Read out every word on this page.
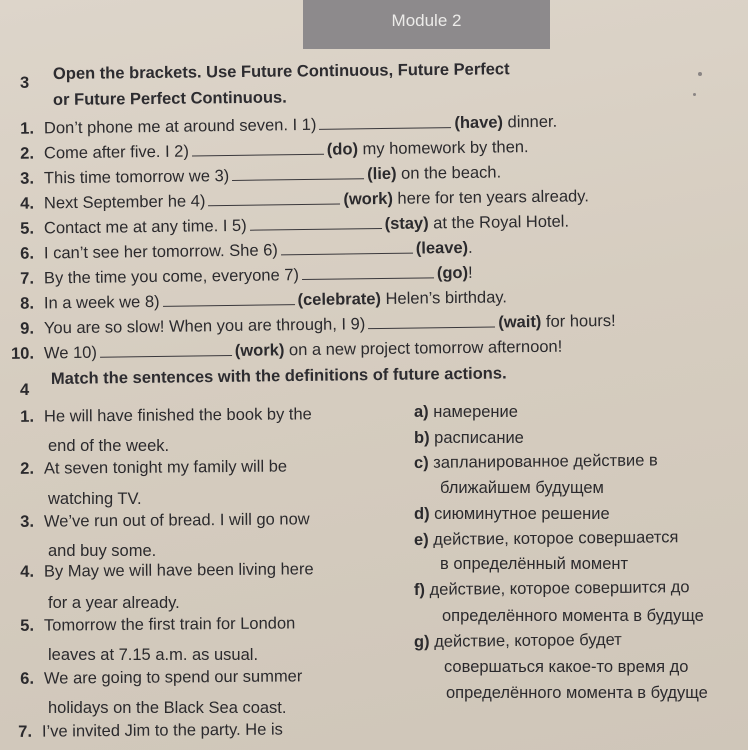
Module 2
3
Open the brackets. Use Future Continuous, Future Perfect
or Future Perfect Continuous.
1. Don’t phone me at around seven. I 1)	(have) dinner.
2. Come after five. I 2)	(do) my homework by then.
3. This time tomorrow we 3)	(lie) on the beach.
4. Next September he 4)	(work) here for ten years already.
5. Contact me at any time. I 5)	(stay) at the Royal Hotel.
6. I can’t see her tomorrow. She 6)	(leave).
7. By the time you come, everyone 7)	(go)!
8. In a week we 8)	(celebrate) Helen’s birthday.
9. You are so slow! When you are through, I 9)	(wait) for hours!
10. We 10)	(work) on a new project tomorrow afternoon!
4
Match the sentences with the definitions of future actions.
1. He will have finished the book by the
end of the week.
2. At seven tonight my family will be
watching TV.
3. We’ve run out of bread. I will go now
and buy some.
4. By May we will have been living here
for a year already.
5. Tomorrow the first train for London
leaves at 7.15 a.m. as usual.
6. We are going to spend our summer
holidays on the Black Sea coast.
7. I’ve invited Jim to the party. He is
a) намерение
b) расписание
c) запланированное действие в
ближайшем будущем
d) сиюминутное решение
e) действие, которое совершается
в определённый момент
f) действие, которое совершится до
определённого момента в будуще
g) действие, которое будет
совершаться какое-то время до
определённого момента в будуще
